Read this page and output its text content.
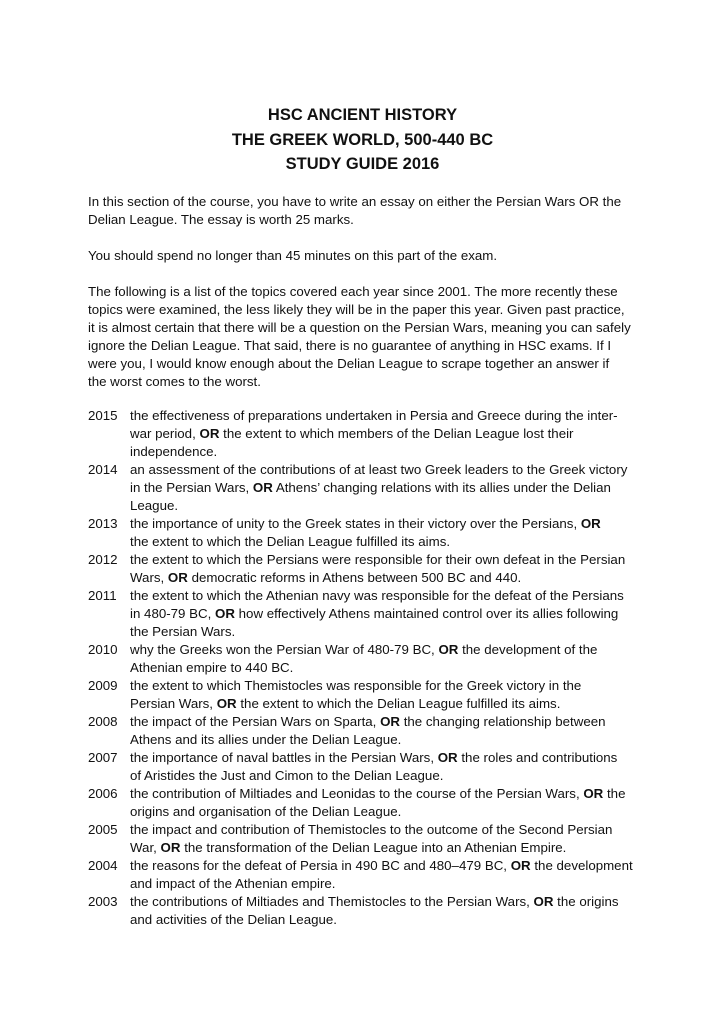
HSC ANCIENT HISTORY
THE GREEK WORLD, 500-440 BC
STUDY GUIDE 2016
In this section of the course, you have to write an essay on either the Persian Wars OR the
Delian League. The essay is worth 25 marks.
You should spend no longer than 45 minutes on this part of the exam.
The following is a list of the topics covered each year since 2001. The more recently these
topics were examined, the less likely they will be in the paper this year. Given past practice,
it is almost certain that there will be a question on the Persian Wars, meaning you can safely
ignore the Delian League. That said, there is no guarantee of anything in HSC exams. If I
were you, I would know enough about the Delian League to scrape together an answer if
the worst comes to the worst.
2015 the effectiveness of preparations undertaken in Persia and Greece during the inter-
war period, OR the extent to which members of the Delian League lost their
independence.
2014 an assessment of the contributions of at least two Greek leaders to the Greek victory
in the Persian Wars, OR Athens’ changing relations with its allies under the Delian
League.
2013 the importance of unity to the Greek states in their victory over the Persians, OR
the extent to which the Delian League fulfilled its aims.
2012 the extent to which the Persians were responsible for their own defeat in the Persian
Wars, OR democratic reforms in Athens between 500 BC and 440.
2011	the extent to which the Athenian navy was responsible for the defeat of the Persians
in 480-79 BC, OR how effectively Athens maintained control over its allies following
the Persian Wars.
2010 why the Greeks won the Persian War of 480-79 BC, OR the development of the
Athenian empire to 440 BC.
2009 the extent to which Themistocles was responsible for the Greek victory in the
Persian Wars, OR the extent to which the Delian League fulfilled its aims.
2008 the impact of the Persian Wars on Sparta, OR the changing relationship between
Athens and its allies under the Delian League.
2007 the importance of naval battles in the Persian Wars, OR the roles and contributions
of Aristides the Just and Cimon to the Delian League.
2006 the contribution of Miltiades and Leonidas to the course of the Persian Wars, OR the
origins and organisation of the Delian League.
2005 the impact and contribution of Themistocles to the outcome of the Second Persian
War, OR the transformation of the Delian League into an Athenian Empire.
2004 the reasons for the defeat of Persia in 490 BC and 480–479 BC, OR the development
and impact of the Athenian empire.
2003 the contributions of Miltiades and Themistocles to the Persian Wars, OR the origins
and activities of the Delian League.
